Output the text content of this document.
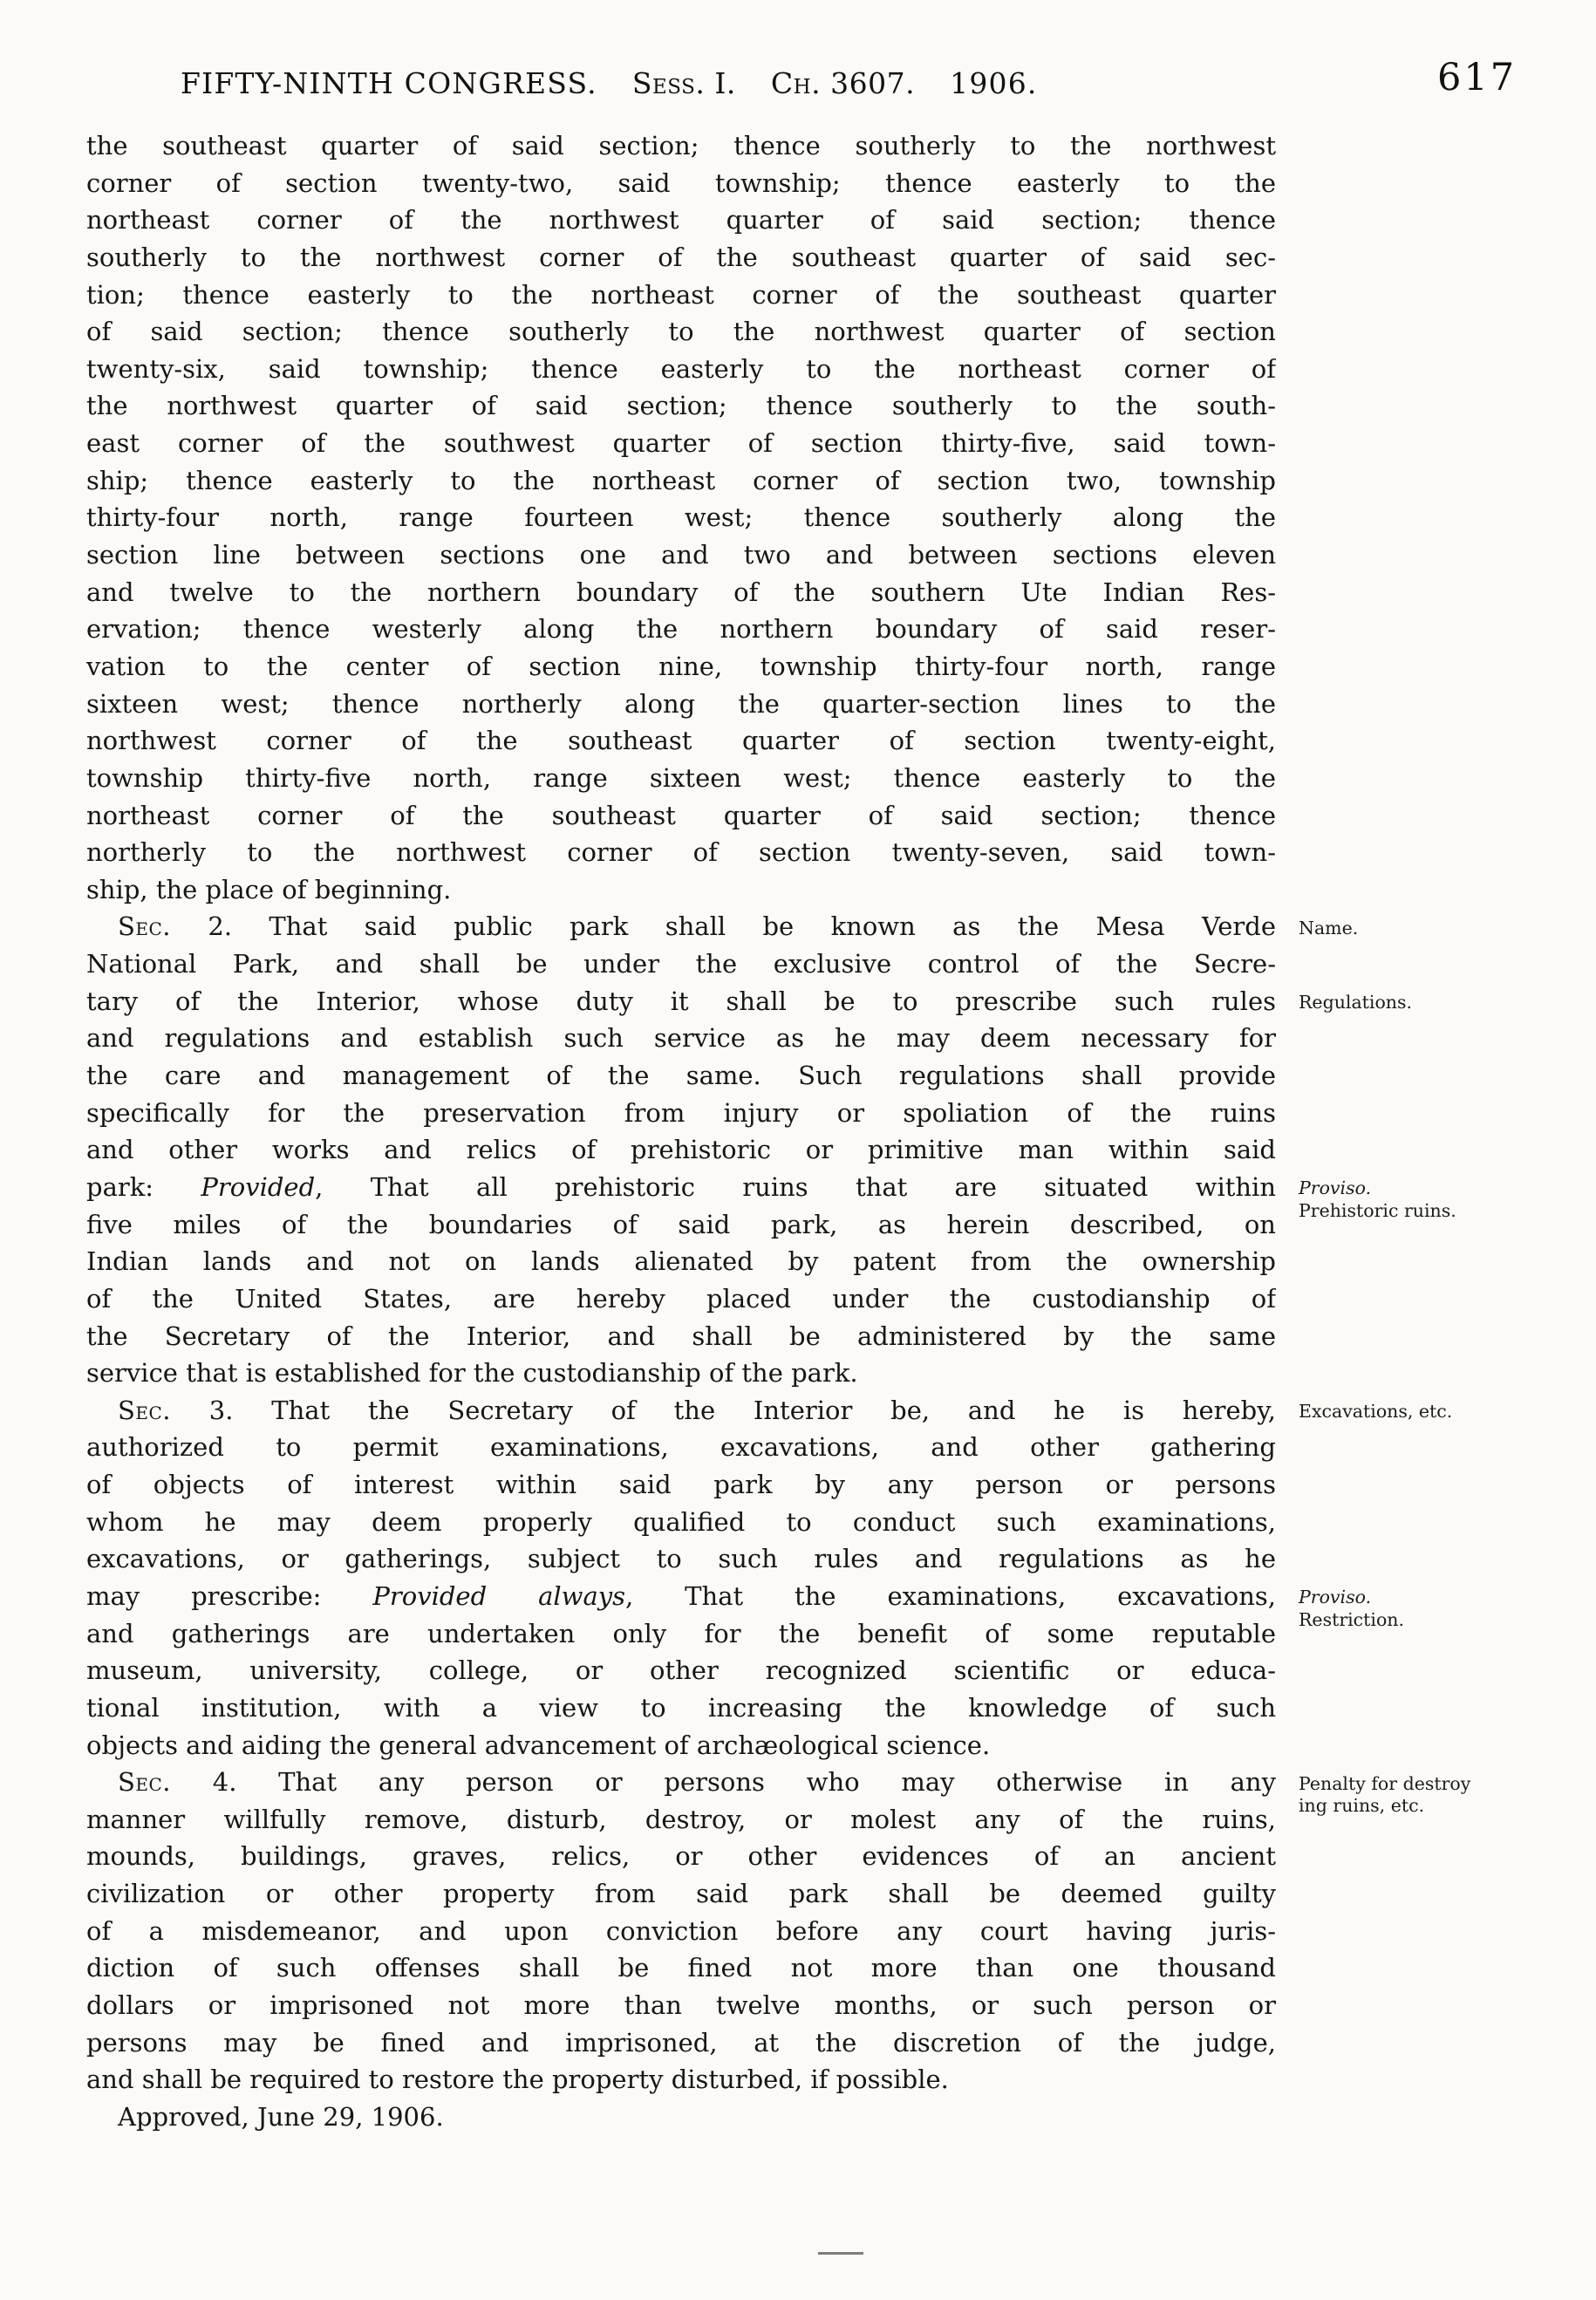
FIFTY-NINTH CONGRESS. Sess. I. Ch. 3607. 1906.	617
the southeast quarter of said section; thence southerly to the northwest
corner of section twenty-two, said township; thence easterly to the
northeast corner of the northwest quarter of said section; thence
southerly to the northwest corner of the southeast quarter of said sec-
tion; thence easterly to the northeast corner of the southeast quarter
of said section; thence southerly to the northwest quarter of section
twenty-six, said township; thence easterly to the northeast corner of
the northwest quarter of said section; thence southerly to the south-
east corner of the southwest quarter of section thirty-five, said town-
ship; thence easterly to the northeast corner of section two, township
thirty-four north, range fourteen west; thence southerly along the
section line between sections one and two and between sections eleven
and twelve to the northern boundary of the southern Ute Indian Res-
ervation; thence westerly along the northern boundary of said reser-
vation to the center of section nine, township thirty-four north, range
sixteen west; thence northerly along the quarter-section lines to the
northwest corner of the southeast quarter of section twenty-eight,
township thirty-five north, range sixteen west; thence easterly to the
northeast corner of the southeast quarter of said section; thence
northerly to the northwest corner of section twenty-seven, said town-
ship, the place of beginning.
Sec. 2. That said public park shall be known as the Mesa Verde
National Park, and shall be under the exclusive control of the Secre-
tary of the Interior, whose duty it shall be to prescribe such rules
and regulations and establish such service as he may deem necessary for
the care and management of the same. Such regulations shall provide
specifically for the preservation from injury or spoliation of the ruins
and other works and relics of prehistoric or primitive man within said
park: Provided, That all prehistoric ruins that are situated within
five miles of the boundaries of said park, as herein described, on
Indian lands and not on lands alienated by patent from the ownership
of the United States, are hereby placed under the custodianship of
the Secretary of the Interior, and shall be administered by the same
service that is established for the custodianship of the park.
Sec. 3. That the Secretary of the Interior be, and he is hereby,
authorized to permit examinations, excavations, and other gathering
of objects of interest within said park by any person or persons
whom he may deem properly qualified to conduct such examinations,
excavations, or gatherings, subject to such rules and regulations as he
may prescribe: Provided always, That the examinations, excavations,
and gatherings are undertaken only for the benefit of some reputable
museum, university, college, or other recognized scientific or educa-
tional institution, with a view to increasing the knowledge of such
objects and aiding the general advancement of archæological science.
Sec. 4. That any person or persons who may otherwise in any
manner willfully remove, disturb, destroy, or molest any of the ruins,
mounds, buildings, graves, relics, or other evidences of an ancient
civilization or other property from said park shall be deemed guilty
of a misdemeanor, and upon conviction before any court having juris-
diction of such offenses shall be fined not more than one thousand
dollars or imprisoned not more than twelve months, or such person or
persons may be fined and imprisoned, at the discretion of the judge,
and shall be required to restore the property disturbed, if possible.
Approved, June 29, 1906.
Name.
Regulations.
Proviso.
Prehistoric ruins.
Excavations, etc.
Proviso.
Restriction.
Penalty for destroy
ing ruins, etc.
